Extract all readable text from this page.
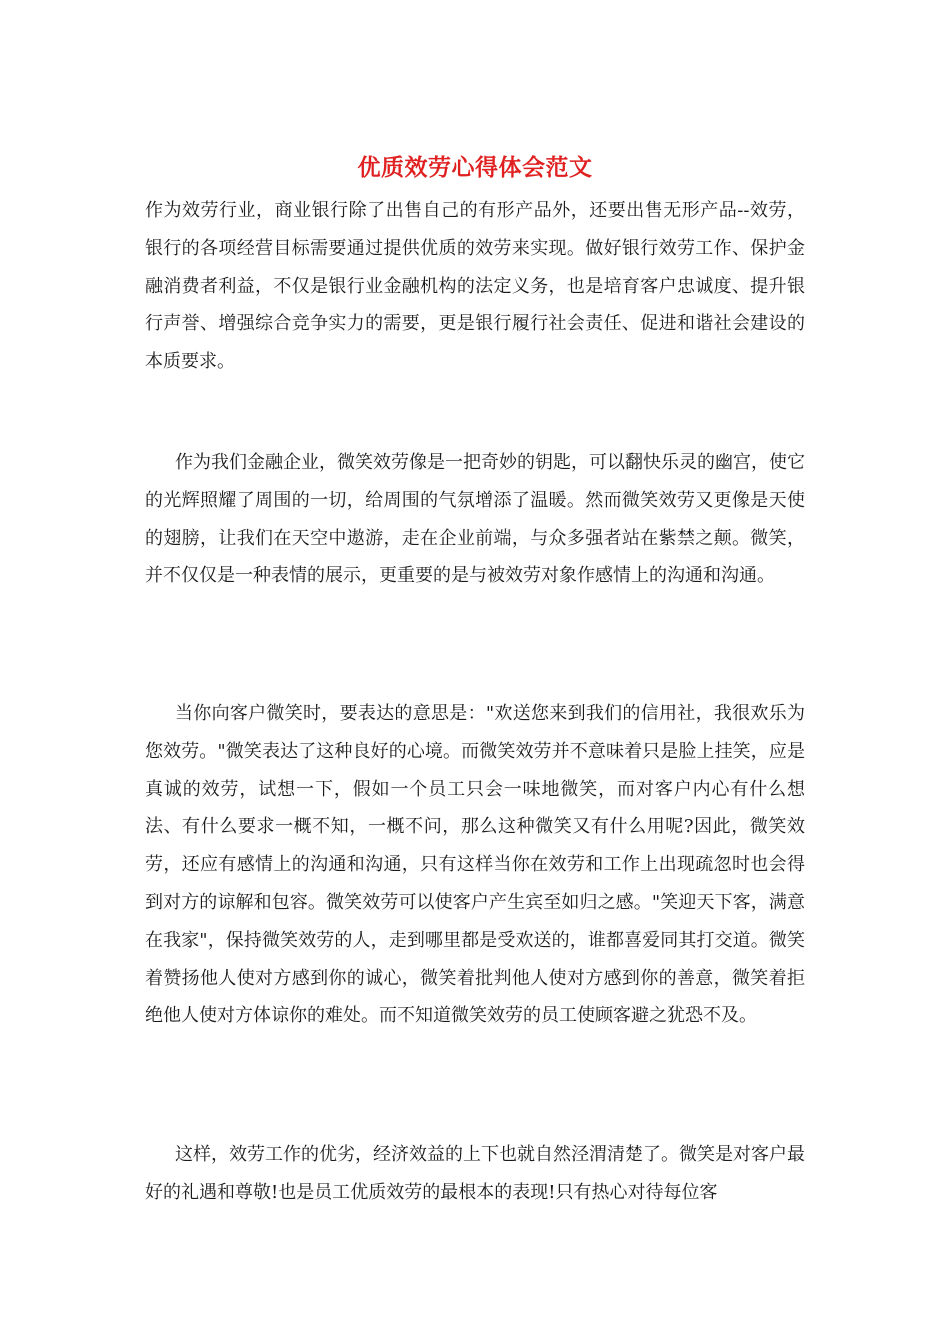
优质效劳心得体会范文

作为效劳行业，商业银行除了出售自己的有形产品外，还要出售无形产品--效劳，银行的各项经营目标需要通过提供优质的效劳来实现。做好银行效劳工作、保护金融消费者利益，不仅是银行业金融机构的法定义务，也是培育客户忠诚度、提升银行声誉、增强综合竞争实力的需要，更是银行履行社会责任、促进和谐社会建设的本质要求。

作为我们金融企业，微笑效劳像是一把奇妙的钥匙，可以翻快乐灵的幽宫，使它的光辉照耀了周围的一切，给周围的气氛增添了温暖。然而微笑效劳又更像是天使的翅膀，让我们在天空中遨游，走在企业前端，与众多强者站在紫禁之颠。微笑，并不仅仅是一种表情的展示，更重要的是与被效劳对象作感情上的沟通和沟通。

当你向客户微笑时，要表达的意思是："欢送您来到我们的信用社，我很欢乐为您效劳。"微笑表达了这种良好的心境。而微笑效劳并不意味着只是脸上挂笑，应是真诚的效劳，试想一下，假如一个员工只会一味地微笑，而对客户内心有什么想法、有什么要求一概不知，一概不问，那么这种微笑又有什么用呢?因此，微笑效劳，还应有感情上的沟通和沟通，只有这样当你在效劳和工作上出现疏忽时也会得到对方的谅解和包容。微笑效劳可以使客户产生宾至如归之感。"笑迎天下客，满意在我家"，保持微笑效劳的人，走到哪里都是受欢送的，谁都喜爱同其打交道。微笑着赞扬他人使对方感到你的诚心，微笑着批判他人使对方感到你的善意，微笑着拒绝他人使对方体谅你的难处。而不知道微笑效劳的员工使顾客避之犹恐不及。

这样，效劳工作的优劣，经济效益的上下也就自然泾渭清楚了。微笑是对客户最好的礼遇和尊敬!也是员工优质效劳的最根本的表现!只有热心对待每位客
